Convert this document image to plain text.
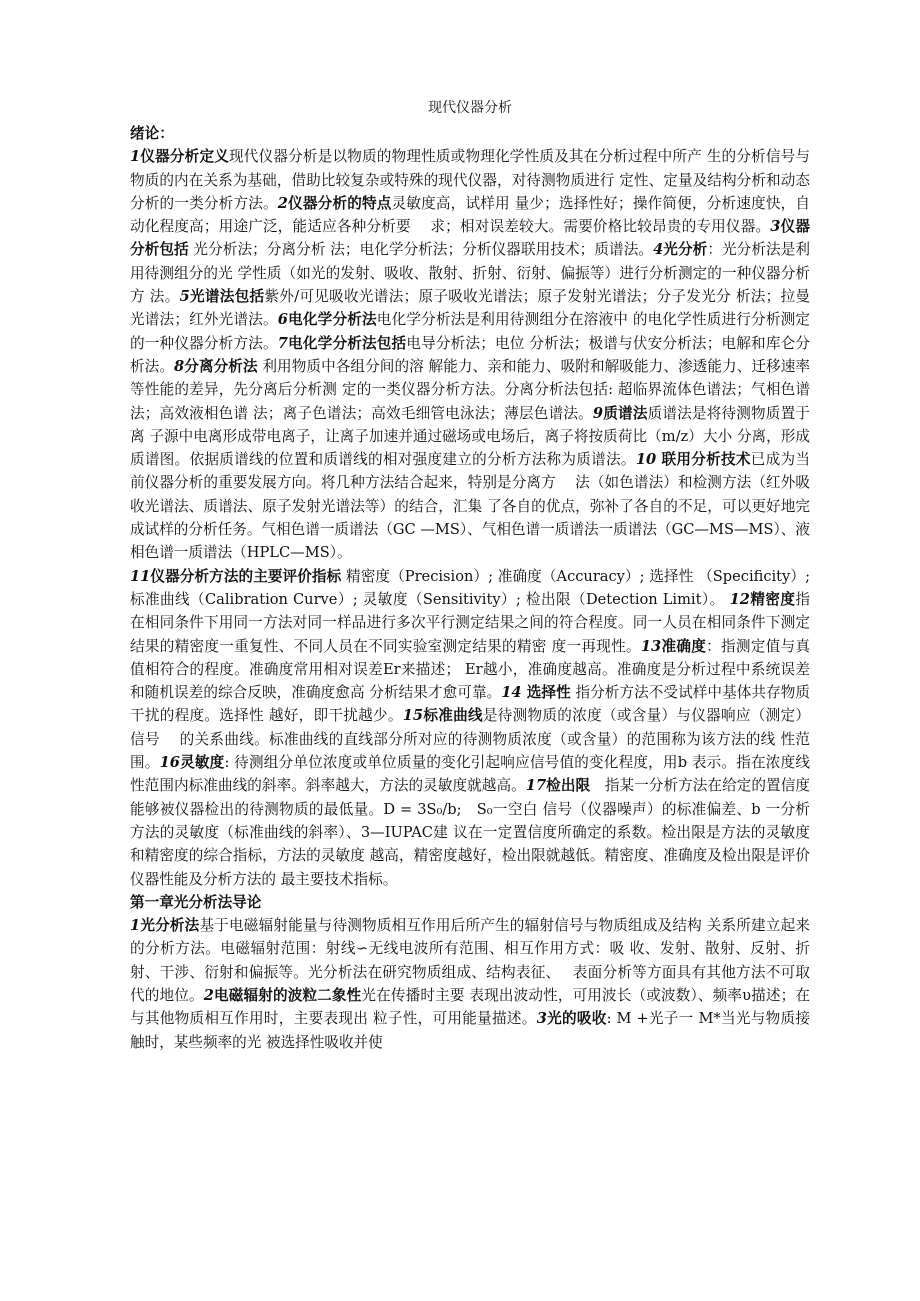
现代仪器分析
绪论：

1仪器分析定义现代仪器分析是以物质的物理性质或物理化学性质及其在分析过程中所产 生的分析信号与物质的内在关系为基础，借助比较复杂或特殊的现代仪器，对待测物质进行 定性、定量及结构分析和动态分析的一类分析方法。2仪器分析的特点灵敏度高，试样用 量少；选择性好；操作简便，分析速度快，自动化程度高；用途广泛，能适应各种分析要　 求；相对误差较大。需要价格比较昂贵的专用仪器。3仪器分析包括 光分析法；分离分析 法；电化学分析法；分析仪器联用技术；质谱法。4光分析：光分析法是利用待测组分的光 学性质（如光的发射、吸收、散射、折射、衍射、偏振等）进行分析测定的一种仪器分析方 法。5光谱法包括紫外/可见吸收光谱法；原子吸收光谱法；原子发射光谱法；分子发光分 析法；拉曼光谱法；红外光谱法。6电化学分析法电化学分析法是利用待测组分在溶液中 的电化学性质进行分析测定的一种仪器分析方法。7电化学分析法包括电导分析法；电位 分析法；极谱与伏安分析法；电解和库仑分析法。8分离分析法 利用物质中各组分间的溶 解能力、亲和能力、吸附和解吸能力、渗透能力、迁移速率等性能的差异，先分离后分析测 定的一类仪器分析方法。分离分析法包括: 超临界流体色谱法；气相色谱法；高效液相色谱 法；离子色谱法；高效毛细管电泳法；薄层色谱法。9质谱法质谱法是将待测物质置于离 子源中电离形成带电离子，让离子加速并通过磁场或电场后，离子将按质荷比（m/z）大小 分离，形成质谱图。依据质谱线的位置和质谱线的相对强度建立的分析方法称为质谱法。10 联用分析技术已成为当前仪器分析的重要发展方向。将几种方法结合起来，特别是分离方　 法（如色谱法）和检测方法（红外吸收光谱法、质谱法、原子发射光谱法等）的结合，汇集 了各自的优点，弥补了各自的不足，可以更好地完成试样的分析任务。气相色谱一质谱法（GC —MS）、气相色谱一质谱法一质谱法（GC—MS—MS）、液相色谱一质谱法（HPLC—MS）。

11仪器分析方法的主要评价指标 精密度（Precision）; 准确度（Accuracy）; 选择性 （Specificity）; 标准曲线（Calibration Curve）; 灵敏度（Sensitivity）; 检出限（Detection Limit）。 12精密度指在相同条件下用同一方法对同一样品进行多次平行测定结果之间的符合程度。同一人员在相同条件下测定结果的精密度一重复性、不同人员在不同实验室测定结果的精密 度一再现性。13准确度：指测定值与真值相符合的程度。准确度常用相对误差Er来描述； Er越小，准确度越高。准确度是分析过程中系统误差和随机误差的综合反映，准确度愈高 分析结果才愈可靠。14 选择性 指分析方法不受试样中基体共存物质干扰的程度。选择性 越好，即干扰越少。15标准曲线是待测物质的浓度（或含量）与仪器响应（测定）信号　 的关系曲线。标准曲线的直线部分所对应的待测物质浓度（或含量）的范围称为该方法的线 性范围。16灵敏度: 待测组分单位浓度或单位质量的变化引起响应信号值的变化程度，用b 表示。指在浓度线性范围内标准曲线的斜率。斜率越大，方法的灵敏度就越高。17检出限　指某一分析方法在给定的置信度能够被仪器检出的待测物质的最低量。D = 3S₀/b;　S₀一空白 信号（仪器噪声）的标准偏差、b 一分析方法的灵敏度（标准曲线的斜率）、3—IUPAC建 议在一定置信度所确定的系数。检出限是方法的灵敏度和精密度的综合指标，方法的灵敏度 越高，精密度越好，检出限就越低。精密度、准确度及检出限是评价仪器性能及分析方法的 最主要技术指标。

第一章光分析法导论

1光分析法基于电磁辐射能量与待测物质相互作用后所产生的辐射信号与物质组成及结构 关系所建立起来的分析方法。电磁辐射范围：射线∽无线电波所有范围、相互作用方式：吸 收、发射、散射、反射、折射、干涉、衍射和偏振等。光分析法在研究物质组成、结构表征、　 表面分析等方面具有其他方法不可取代的地位。2电磁辐射的波粒二象性光在传播时主要 表现出波动性，可用波长（或波数）、频率υ描述；在与其他物质相互作用时，主要表现出 粒子性，可用能量描述。3光的吸收: M +光子一 M*当光与物质接触时，某些频率的光 被选择性吸收并使
